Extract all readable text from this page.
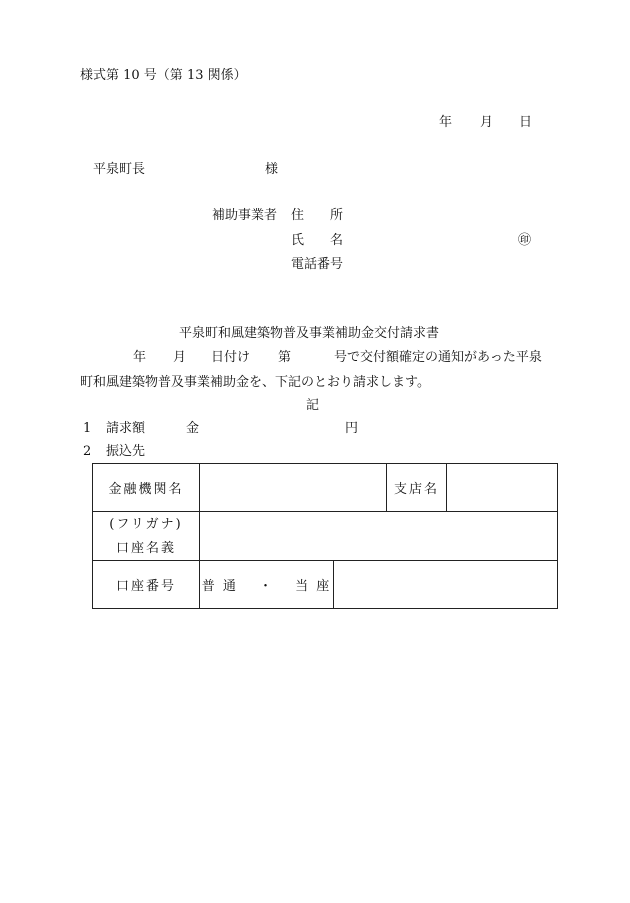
様式第 10 号（第 13 関係）
年 月 日
平泉町長	様
補助事業者 住　　所
氏　　名	㊞
電話番号
平泉町和風建築物普及事業補助金交付請求書
年 月 日付け 第	号で交付額確定の通知があった平泉
町和風建築物普及事業補助金を、下記のとおり請求します。
記
1 請求額	金	円
2 振込先
金融機関名			支店名	

(フリガナ)
口座名義				

口座番号	普 通　 ・　 当 座			
